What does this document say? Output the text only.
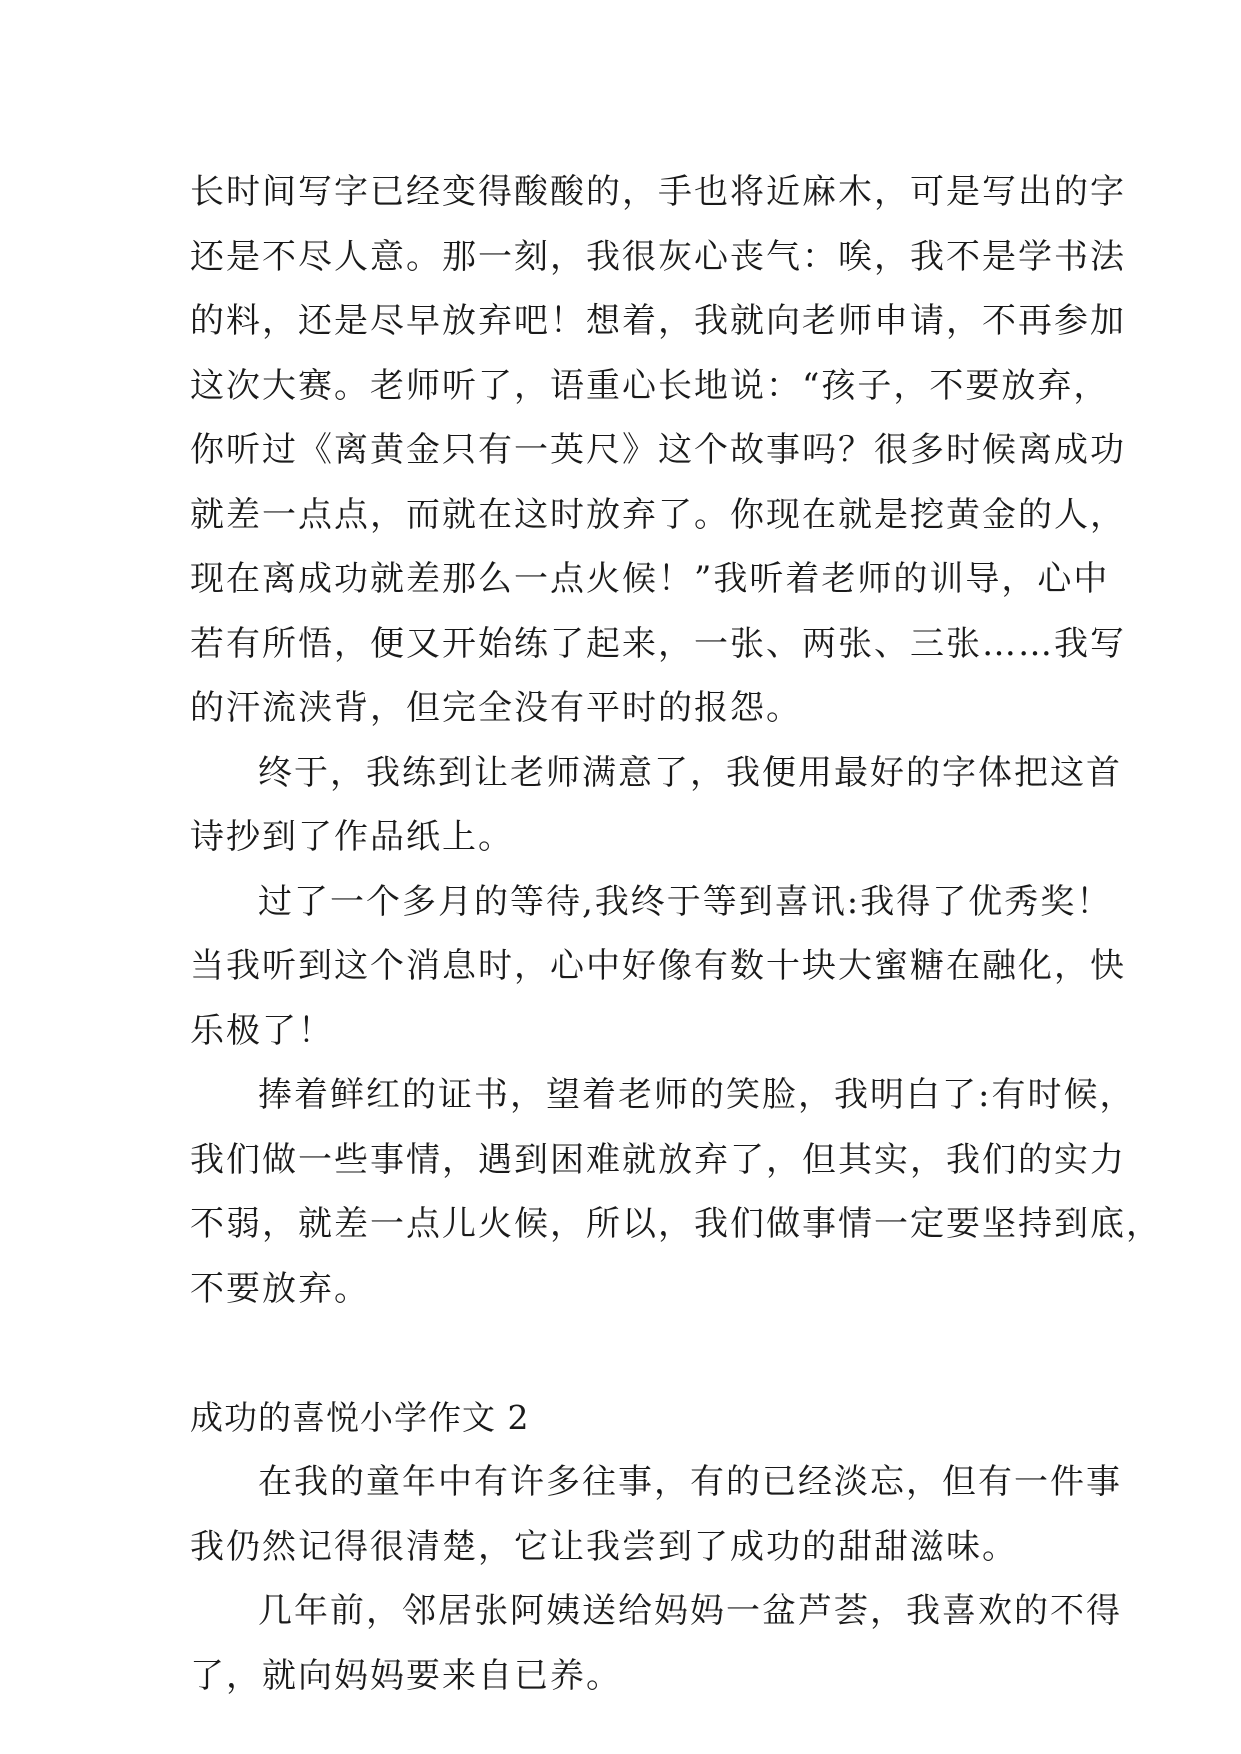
长时间写字已经变得酸酸的，手也将近麻木，可是写出的字
还是不尽人意。那一刻，我很灰心丧气：唉，我不是学书法
的料，还是尽早放弃吧！想着，我就向老师申请，不再参加
这次大赛。老师听了，语重心长地说：“孩子，不要放弃，
你听过《离黄金只有一英尺》这个故事吗？很多时候离成功
就差一点点，而就在这时放弃了。你现在就是挖黄金的人，
现在离成功就差那么一点火候！”我听着老师的训导，心中
若有所悟，便又开始练了起来，一张、两张、三张……我写
的汗流浃背，但完全没有平时的报怨。
终于，我练到让老师满意了，我便用最好的字体把这首
诗抄到了作品纸上。
过了一个多月的等待,我终于等到喜讯:我得了优秀奖！
当我听到这个消息时，心中好像有数十块大蜜糖在融化，快
乐极了！
捧着鲜红的证书，望着老师的笑脸，我明白了:有时候，
我们做一些事情，遇到困难就放弃了，但其实，我们的实力
不弱，就差一点儿火候，所以，我们做事情一定要坚持到底，
不要放弃。
成功的喜悦小学作文 2
在我的童年中有许多往事，有的已经淡忘，但有一件事
我仍然记得很清楚，它让我尝到了成功的甜甜滋味。
几年前，邻居张阿姨送给妈妈一盆芦荟，我喜欢的不得
了，就向妈妈要来自已养。
